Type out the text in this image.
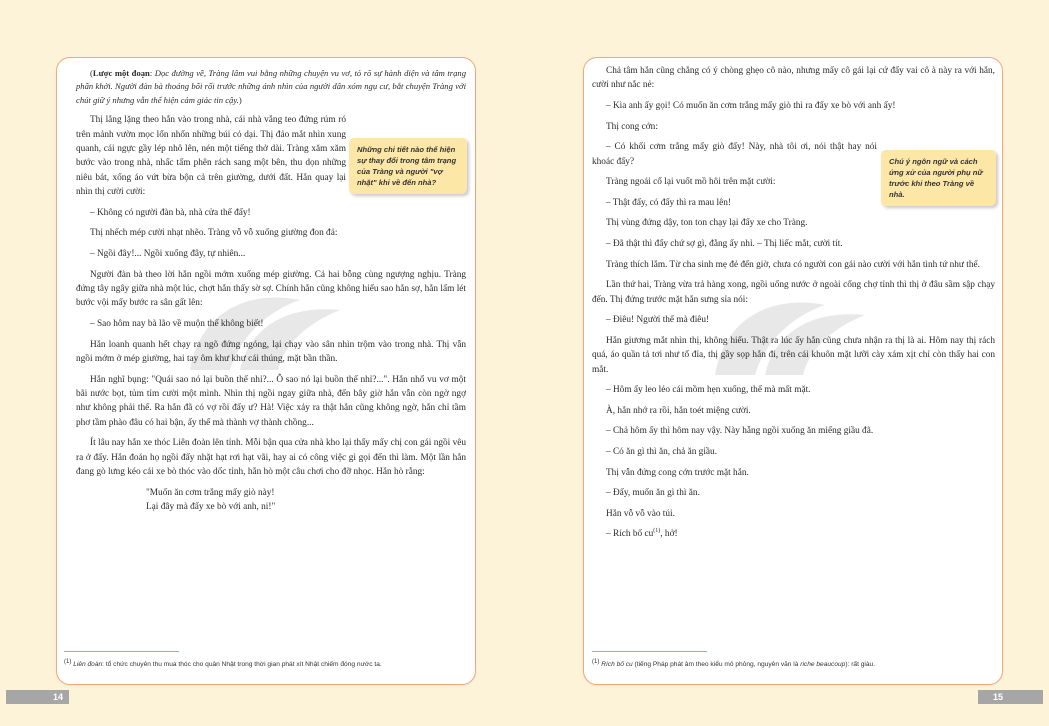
(Lược một đoạn: Dọc đường về, Tràng lâm vui bằng những chuyện vu vơ, tỏ rõ sự hành diện và tâm trạng phấn khởi. Người đàn bà thoáng bối rối trước những ánh nhìn của người dân xóm ngụ cư, bắt chuyện Tràng với chút giữ ý nhưng vẫn thể hiện cảm giác tin cậy.)

Thị lẳng lặng theo hắn vào trong nhà, cái nhà vắng teo đứng rúm ró trên mảnh vườn mọc lổn nhổn những búi cỏ dại. Thị đảo mắt nhìn xung quanh, cái ngực gầy lép nhô lên, nén một tiếng thở dài. Tràng xăm xăm bước vào trong nhà, nhấc tấm phên rách sang một bên, thu dọn những niêu bát, xống áo vứt bừa bộn cả trên giường, dưới đất. Hắn quay lại nhìn thị cười cười:

– Không có người đàn bà, nhà cửa thế đấy!

Thị nhếch mép cười nhạt nhẽo. Tràng vỗ vỗ xuống giường đon đả:

– Ngồi đây!... Ngồi xuống đây, tự nhiên...

Người đàn bà theo lời hắn ngồi mớm xuống mép giường. Cả hai bỗng cùng ngượng nghịu. Tràng đứng tây ngây giữa nhà một lúc, chợt hắn thấy sờ sợ. Chính hắn cũng không hiểu sao hắn sợ, hắn lấm lét bước vội mấy bước ra sân gất lên:

– Sao hôm nay bà lão về muộn thế không biết!

Hắn loanh quanh hết chạy ra ngõ đứng ngóng, lại chạy vào sân nhìn trộm vào trong nhà. Thị vẫn ngồi mớm ở mép giường, hai tay ôm khư khư cái thúng, mặt bần thần.

Hắn nghĩ bụng: "Quái sao nó lại buồn thế nhỉ?... Ô sao nó lại buồn thế nhỉ?...". Hắn nhổ vu vơ một bãi nước bọt, tủm tỉm cười một mình. Nhìn thị ngồi ngay giữa nhà, đến bây giờ hắn vẫn còn ngờ ngợ như không phải thế. Ra hắn đã có vợ rồi đấy ư? Hà! Việc xảy ra thật hắn cũng không ngờ, hắn chỉ tầm phơ tầm phào đâu có hai bận, ấy thế mà thành vợ thành chồng...

Ít lâu nay hắn xe thóc Liên đoàn lên tỉnh. Mỗi bận qua cửa nhà kho lại thấy mấy chị con gái ngồi vêu ra ở đấy. Hắn đoán họ ngồi đấy nhặt hạt rơi hạt vãi, hay ai có công việc gì gọi đến thì làm. Một lần hắn đang gò lưng kéo cái xe bò thóc vào dốc tỉnh, hắn hò một câu chơi cho đỡ nhọc. Hắn hò rằng:

"Muốn ăn cơm trắng mấy giò này!

Lại đây mà đẩy xe bò với anh, ni!"

Những chi tiết nào thể hiện sự thay đổi trong tâm trạng của Tràng và người "vợ nhặt" khi về đến nhà?
(1) Liên đoàn: tổ chức chuyên thu mua thóc cho quân Nhật trong thời gian phát xít Nhật chiếm đóng nước ta.
14

Chả tâm hắn cũng chẳng có ý chòng ghẹo cô nào, nhưng mấy cô gái lại cứ đẩy vai cô à này ra với hắn, cười như nắc nẻ:

– Kìa anh ấy gọi! Có muốn ăn cơm trắng mấy giò thì ra đẩy xe bò với anh ấy!

Thị cong cớn:

– Có khối cơm trắng mấy giò đấy! Này, nhà tôi ơi, nói thật hay nói khoác đấy?

Tràng ngoái cổ lại vuốt mồ hôi trên mặt cười:

– Thật đấy, có đẩy thì ra mau lên!

Thị vùng đứng dậy, ton ton chạy lại đẩy xe cho Tràng.

– Đã thật thì đẩy chứ sợ gì, đằng ấy nhỉ. – Thị liếc mắt, cười tít.

Tràng thích lắm. Từ cha sinh mẹ đẻ đến giờ, chưa có người con gái nào cười với hắn tình tứ như thế.

Lần thứ hai, Tràng vừa trả hàng xong, ngồi uống nước ở ngoài cổng chợ tỉnh thì thị ở đâu sầm sập chạy đến. Thị đứng trước mặt hắn sưng sỉa nói:

– Điêu! Người thế mà điêu!

Hắn giương mắt nhìn thị, không hiểu. Thật ra lúc ấy hắn cũng chưa nhận ra thị là ai. Hôm nay thị rách quá, áo quần tả tơi như tổ đỉa, thị gầy sọp hẳn đi, trên cái khuôn mặt lưỡi cày xám xịt chỉ còn thấy hai con mắt.

– Hôm ấy leo lẻo cái mồm hẹn xuống, thế mà mất mặt.

À, hắn nhớ ra rồi, hắn toét miệng cười.

– Chả hôm ấy thì hôm nay vậy. Này hẵng ngồi xuống ăn miếng giầu đã.

– Có ăn gì thì ăn, chả ăn giầu.

Thị vẫn đứng cong cớn trước mặt hắn.

– Đấy, muốn ăn gì thì ăn.

Hắn vỗ vỗ vào túi.

– Rích bố $cu^{(1)}$, hở!

Chú ý ngôn ngữ và cách ứng xử của người phụ nữ trước khi theo Tràng về nhà.
(1) Rích bố cu (tiếng Pháp phát âm theo kiểu mô phỏng, nguyên văn là riche beaucoup): rất giàu.
15
